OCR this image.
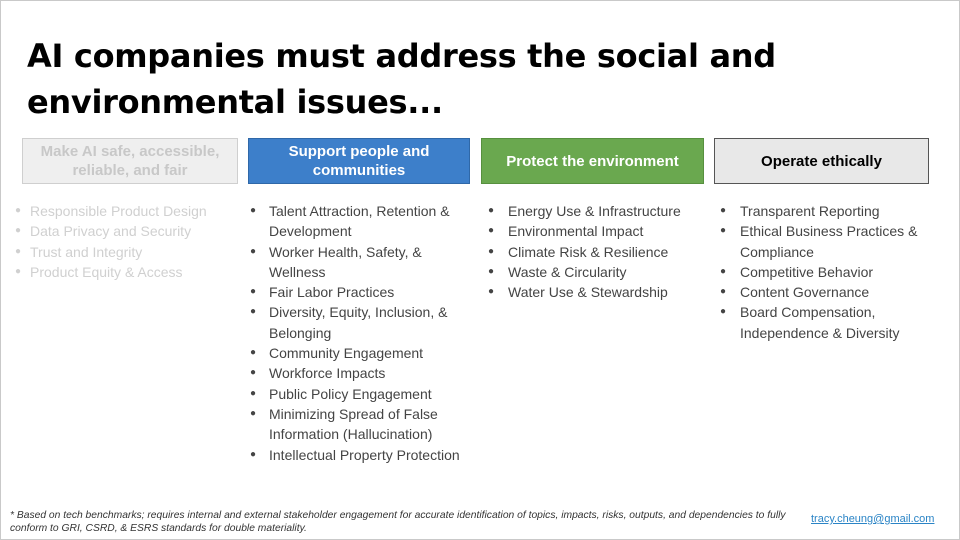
AI companies must address the social and environmental issues...
Make AI safe, accessible, reliable, and fair
● Responsible Product Design
● Data Privacy and Security
● Trust and Integrity
● Product Equity & Access
Support people and communities
● Talent Attraction, Retention & Development
● Worker Health, Safety, & Wellness
● Fair Labor Practices
● Diversity, Equity, Inclusion, & Belonging
● Community Engagement
● Workforce Impacts
● Public Policy Engagement
● Minimizing Spread of False Information (Hallucination)
● Intellectual Property Protection
Protect the environment
● Energy Use & Infrastructure
● Environmental Impact
● Climate Risk & Resilience
● Waste & Circularity
● Water Use & Stewardship
Operate ethically
● Transparent Reporting
● Ethical Business Practices & Compliance
● Competitive Behavior
● Content Governance
● Board Compensation, Independence & Diversity
* Based on tech benchmarks; requires internal and external stakeholder engagement for accurate identification of topics, impacts, risks, outputs, and dependencies to fully conform to GRI, CSRD, & ESRS standards for double materiality.
tracy.cheung@gmail.com
